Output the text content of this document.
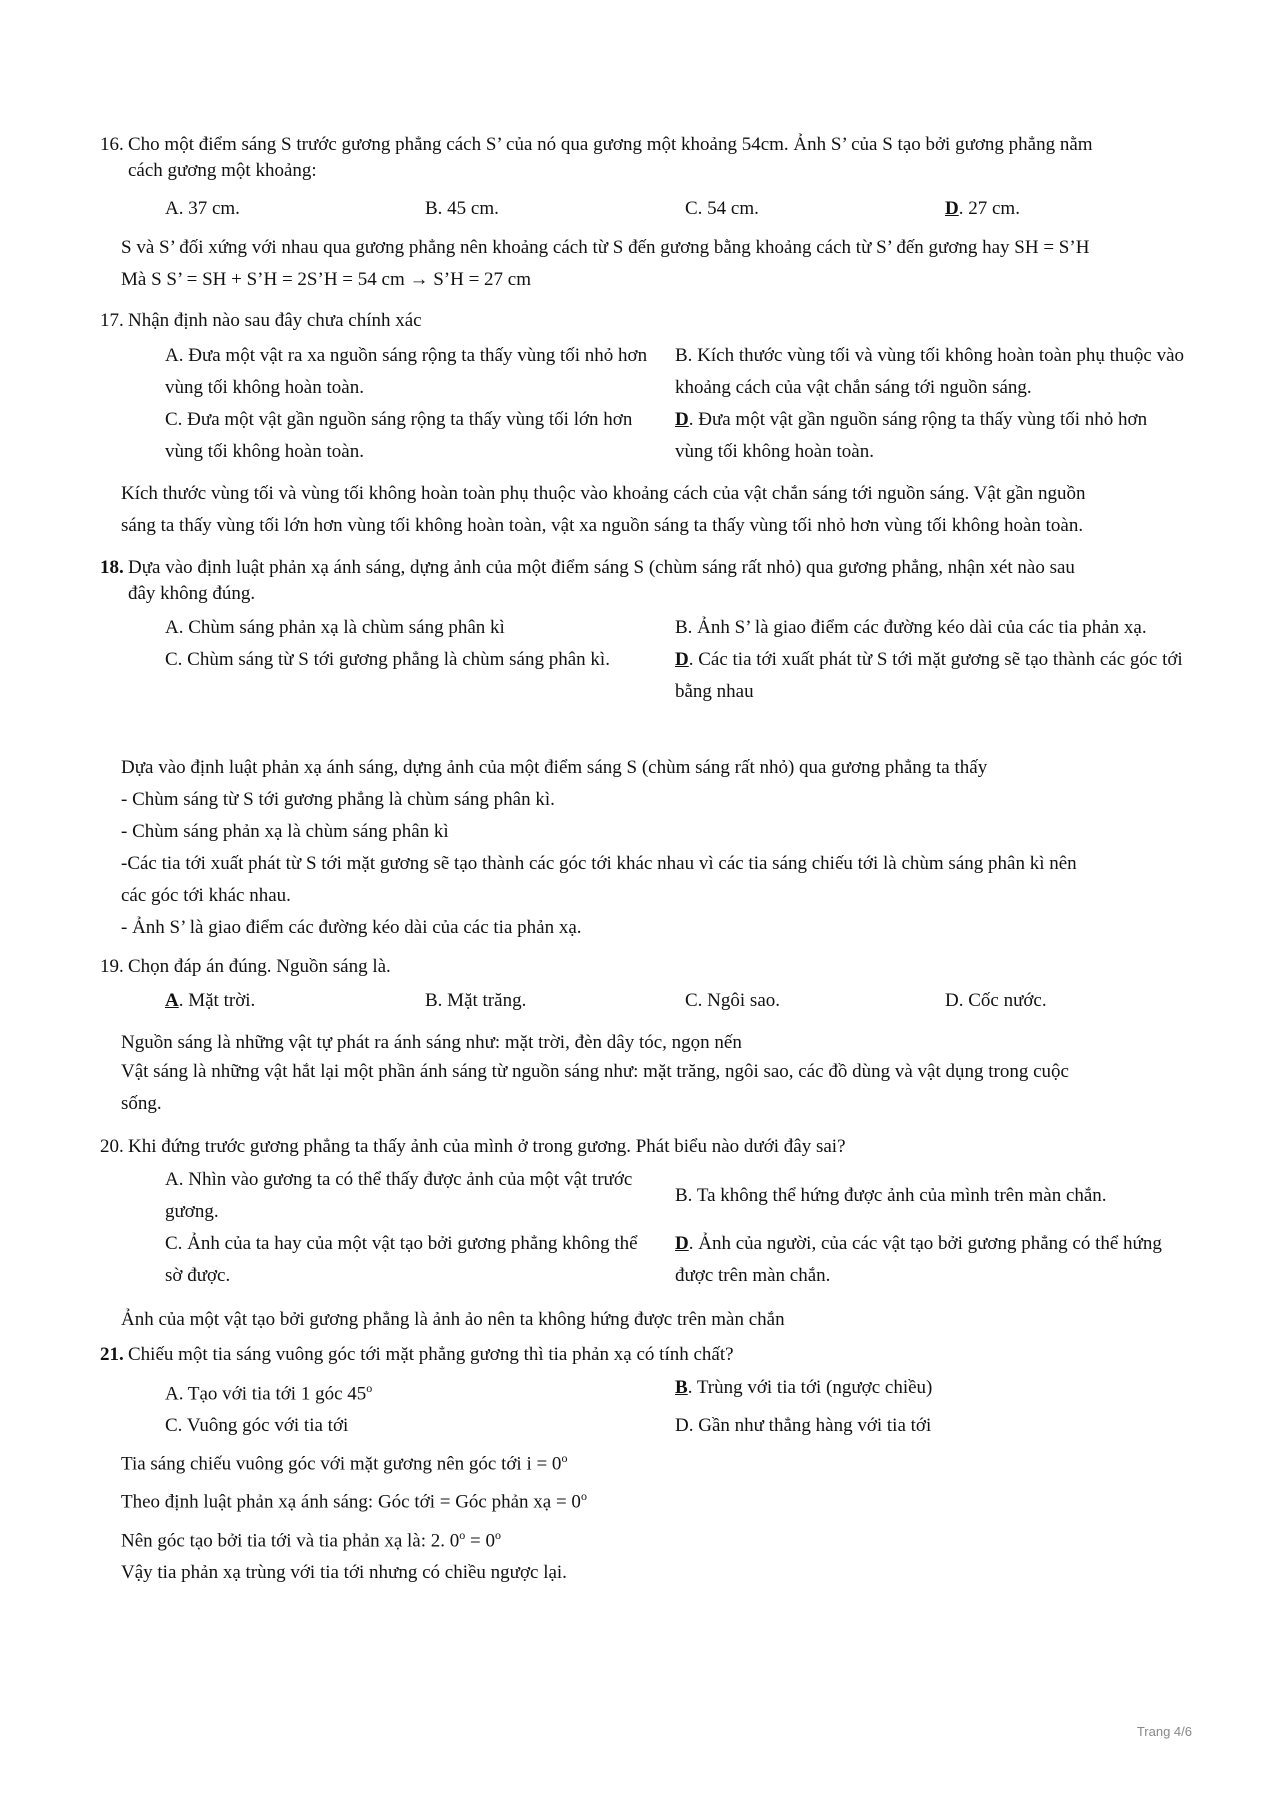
16. Cho một điểm sáng S trước gương phẳng cách S’ của nó qua gương một khoảng 54cm. Ảnh S’ của S tạo bởi gương phẳng nằm
cách gương một khoảng:
A. 37 cm.	B. 45 cm.	C. 54 cm.	D. 27 cm.
S và S’ đối xứng với nhau qua gương phẳng nên khoảng cách từ S đến gương bằng khoảng cách từ S’ đến gương hay SH = S’H
Mà S S’ = SH + S’H = 2S’H = 54 cm → S’H = 27 cm
17. Nhận định nào sau đây chưa chính xác
A. Đưa một vật ra xa nguồn sáng rộng ta thấy vùng tối nhỏ hơn vùng tối không hoàn toàn.
B. Kích thước vùng tối và vùng tối không hoàn toàn phụ thuộc vào khoảng cách của vật chắn sáng tới nguồn sáng.
C. Đưa một vật gần nguồn sáng rộng ta thấy vùng tối lớn hơn vùng tối không hoàn toàn.
D. Đưa một vật gần nguồn sáng rộng ta thấy vùng tối nhỏ hơn vùng tối không hoàn toàn.
Kích thước vùng tối và vùng tối không hoàn toàn phụ thuộc vào khoảng cách của vật chắn sáng tới nguồn sáng. Vật gần nguồn
sáng ta thấy vùng tối lớn hơn vùng tối không hoàn toàn, vật xa nguồn sáng ta thấy vùng tối nhỏ hơn vùng tối không hoàn toàn.
18. Dựa vào định luật phản xạ ánh sáng, dựng ảnh của một điểm sáng S (chùm sáng rất nhỏ) qua gương phẳng, nhận xét nào sau
đây không đúng.
A. Chùm sáng phản xạ là chùm sáng phân kì	B. Ảnh S’ là giao điểm các đường kéo dài của các tia phản xạ.
C. Chùm sáng từ S tới gương phẳng là chùm sáng phân kì.	D. Các tia tới xuất phát từ S tới mặt gương sẽ tạo thành các góc tới bằng nhau
Dựa vào định luật phản xạ ánh sáng, dựng ảnh của một điểm sáng S (chùm sáng rất nhỏ) qua gương phẳng ta thấy
- Chùm sáng từ S tới gương phẳng là chùm sáng phân kì.
- Chùm sáng phản xạ là chùm sáng phân kì
-Các tia tới xuất phát từ S tới mặt gương sẽ tạo thành các góc tới khác nhau vì các tia sáng chiếu tới là chùm sáng phân kì nên
các góc tới khác nhau.
- Ảnh S’ là giao điểm các đường kéo dài của các tia phản xạ.
19. Chọn đáp án đúng. Nguồn sáng là.
A. Mặt trời.	B. Mặt trăng.	C. Ngôi sao.	D. Cốc nước.
Nguồn sáng là những vật tự phát ra ánh sáng như: mặt trời, đèn dây tóc, ngọn nến
Vật sáng là những vật hắt lại một phần ánh sáng từ nguồn sáng như: mặt trăng, ngôi sao, các đồ dùng và vật dụng trong cuộc
sống.
20. Khi đứng trước gương phẳng ta thấy ảnh của mình ở trong gương. Phát biểu nào dưới đây sai?
A. Nhìn vào gương ta có thể thấy được ảnh của một vật trước gương.
B. Ta không thể hứng được ảnh của mình trên màn chắn.
C. Ảnh của ta hay của một vật tạo bởi gương phẳng không thể sờ được.
D. Ảnh của người, của các vật tạo bởi gương phẳng có thể hứng được trên màn chắn.
Ảnh của một vật tạo bởi gương phẳng là ảnh ảo nên ta không hứng được trên màn chắn
21. Chiếu một tia sáng vuông góc tới mặt phẳng gương thì tia phản xạ có tính chất?
A. Tạo với tia tới 1 góc 45$^o$	B. Trùng với tia tới (ngược chiều)
C. Vuông góc với tia tới	D. Gần như thẳng hàng với tia tới
Tia sáng chiếu vuông góc với mặt gương nên góc tới $i = 0^o$
Theo định luật phản xạ ánh sáng: Góc tới = Góc phản xạ = $0^o$
Nên góc tạo bởi tia tới và tia phản xạ là: 2. $0^o = 0^o$
Vậy tia phản xạ trùng với tia tới nhưng có chiều ngược lại.
Trang 4/6
